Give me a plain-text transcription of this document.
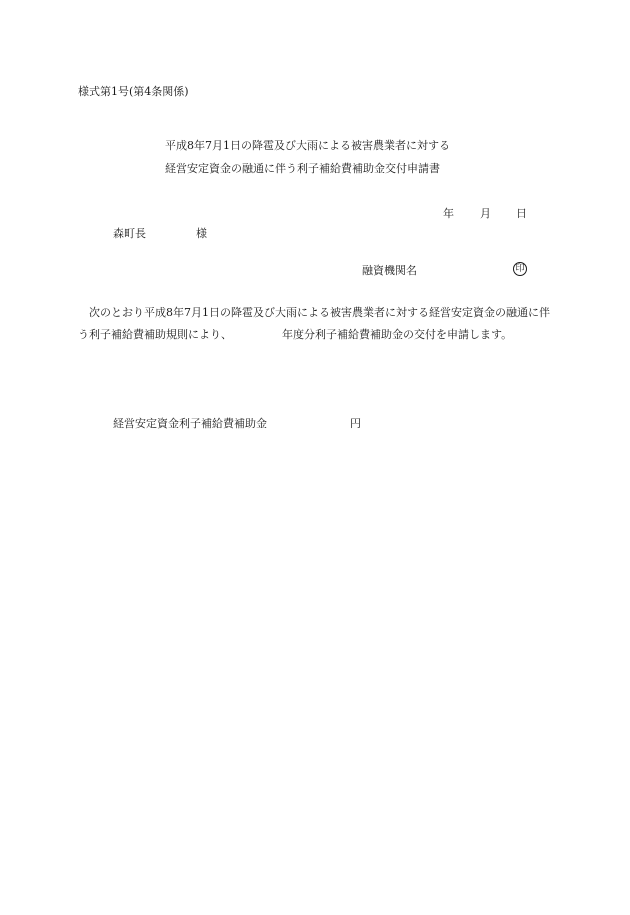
様式第1号(第4条関係)
平成8年7月1日の降雹及び大雨による被害農業者に対する
経営安定資金の融通に伴う利子補給費補助金交付申請書
年 月 日
森町長	様
融資機関名	印
次のとおり平成8年7月1日の降雹及び大雨による被害農業者に対する経営安定資金の融通に伴う利子補給費補助規則により、	年度分利子補給費補助金の交付を申請します。
経営安定資金利子補給費補助金	円
